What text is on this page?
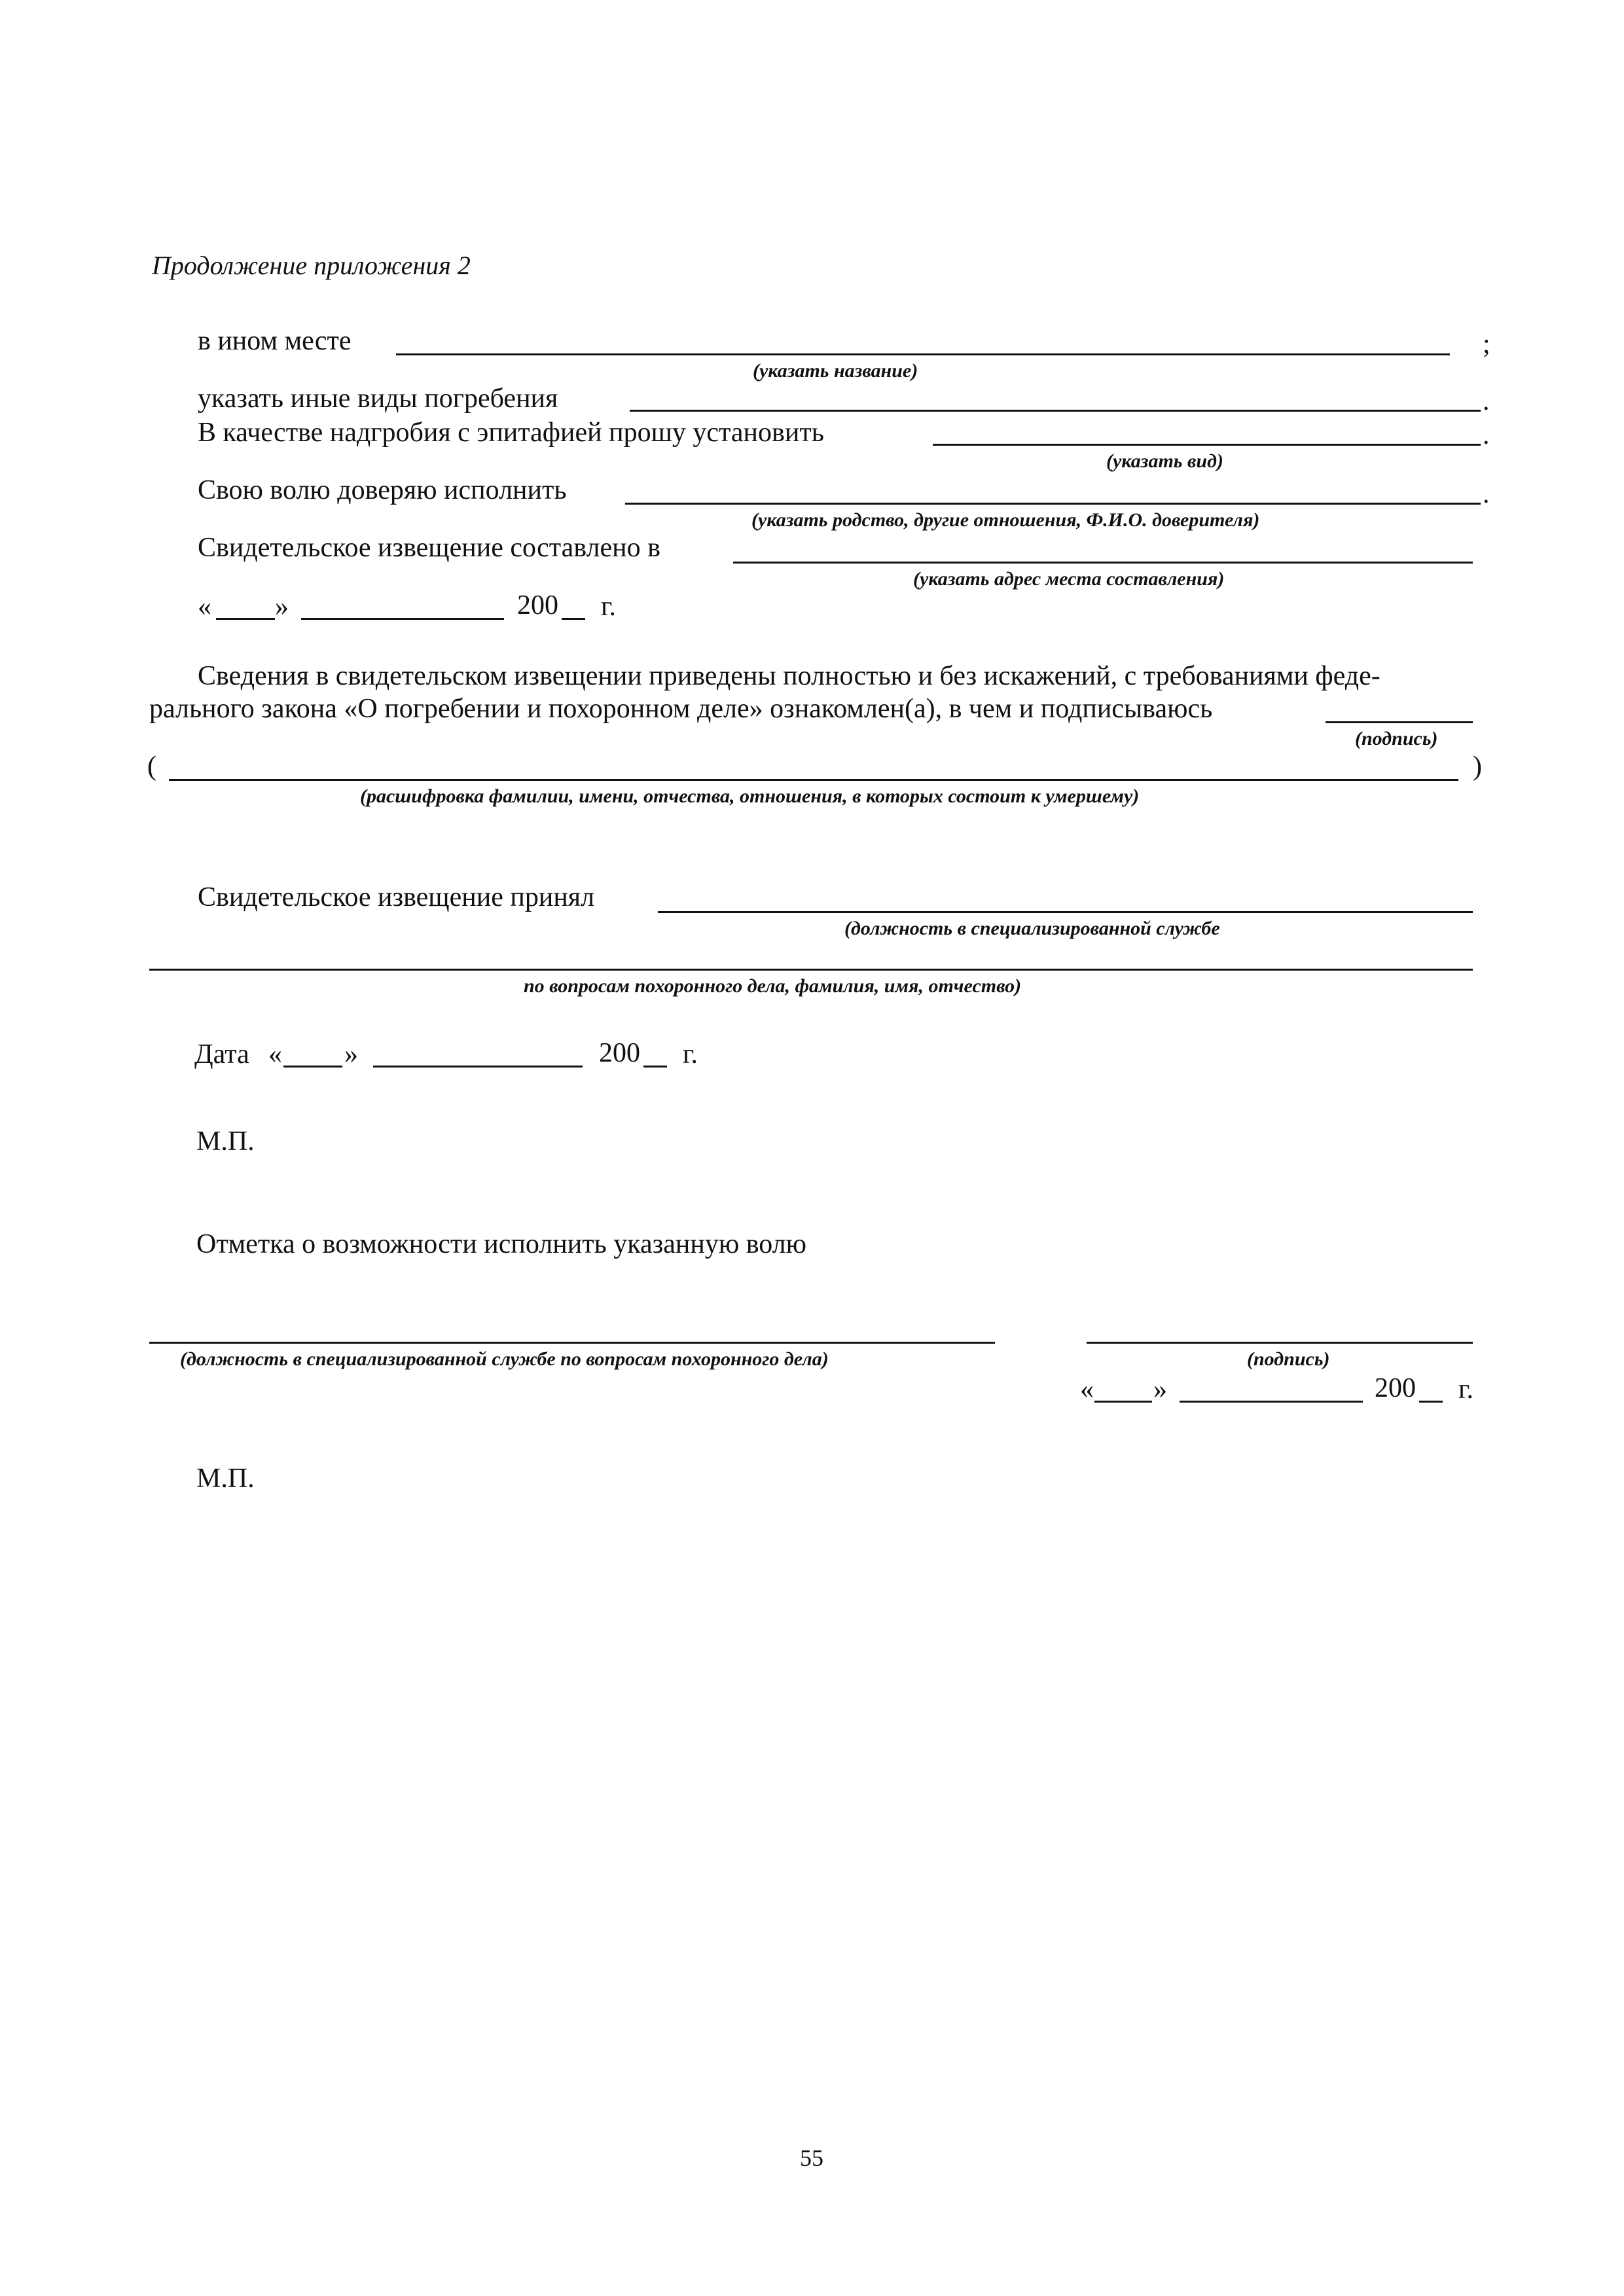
Продолжение приложения 2
в ином месте	;
(указать название)
указать иные виды погребения	.
В качестве надгробия с эпитафией прошу установить	.
(указать вид)
Свою волю доверяю исполнить	.
(указать родство, другие отношения, Ф.И.О. доверителя)
Свидетельское извещение составлено в
(указать адрес места составления)
« »	200 г.
Сведения в свидетельском извещении приведены полностью и без искажений, с требованиями феде-
рального закона «О погребении и похоронном деле» ознакомлен(а), в чем и подписываюсь
(подпись)
(	)
(расшифровка фамилии, имени, отчества, отношения, в которых состоит к умершему)
Свидетельское извещение принял
(должность в специализированной службе
по вопросам похоронного дела, фамилия, имя, отчество)
Дата « »	200 г.
М.П.
Отметка о возможности исполнить указанную волю
(должность в специализированной службе по вопросам похоронного дела)	(подпись)
« »	200 г.
М.П.
55
